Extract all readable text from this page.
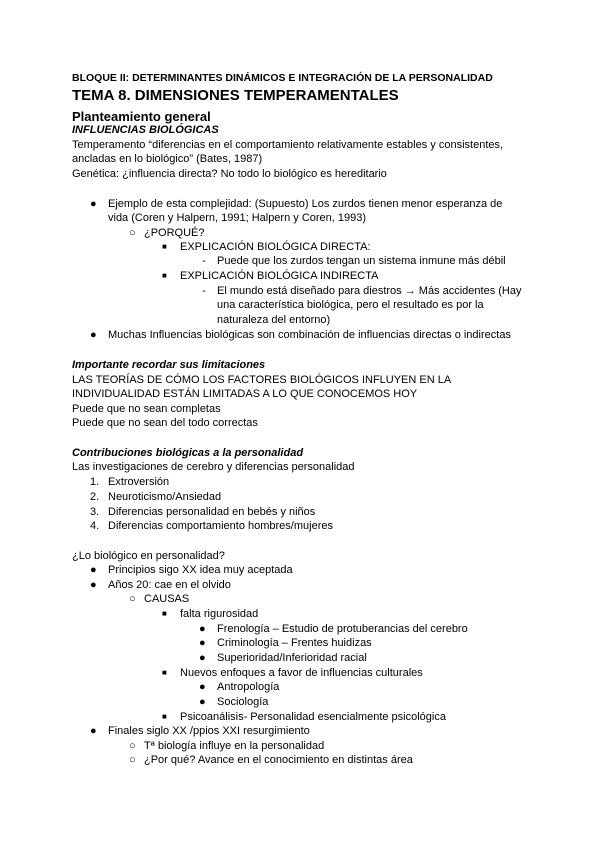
BLOQUE II: DETERMINANTES DINÁMICOS E INTEGRACIÓN DE LA PERSONALIDAD
TEMA 8. DIMENSIONES TEMPERAMENTALES
Planteamiento general
INFLUENCIAS BIOLÓGICAS
Temperamento “diferencias en el comportamiento relativamente estables y consistentes,
ancladas en lo biológico” (Bates, 1987)
Genética: ¿influencia directa? No todo lo biológico es hereditario
● Ejemplo de esta complejidad: (Supuesto) Los zurdos tienen menor esperanza de
vida (Coren y Halpern, 1991; Halpern y Coren, 1993)
○ ¿PORQUÉ?
■ EXPLICACIÓN BIOLÓGICA DIRECTA:
- Puede que los zurdos tengan un sistema inmune más débil
■ EXPLICACIÓN BIOLÓGICA INDIRECTA
- El mundo está diseñado para diestros → Más accidentes (Hay
una característica biológica, pero el resultado es por la
naturaleza del entorno)
● Muchas Influencias biológicas son combinación de influencias directas o indirectas
Importante recordar sus limitaciones
LAS TEORÍAS DE CÓMO LOS FACTORES BIOLÓGICOS INFLUYEN EN LA
INDIVIDUALIDAD ESTÁN LIMITADAS A LO QUE CONOCEMOS HOY
Puede que no sean completas
Puede que no sean del todo correctas
Contribuciones biológicas a la personalidad
Las investigaciones de cerebro y diferencias personalidad
1. Extroversión
2. Neuroticismo/Ansiedad
3. Diferencias personalidad en bebés y niños
4. Diferencias comportamiento hombres/mujeres
¿Lo biológico en personalidad?
● Principios sigo XX idea muy aceptada
● Años 20: cae en el olvido
○ CAUSAS
■ falta rigurosidad
● Frenología – Estudio de protuberancias del cerebro
● Criminología – Frentes huidizas
● Superioridad/Inferioridad racial
■ Nuevos enfoques a favor de influencias culturales
● Antropología
● Sociología
■ Psicoanálisis- Personalidad esencialmente psicológica
● Finales siglo XX /ppios XXI resurgimiento
○ Tª biología influye en la personalidad
○ ¿Por qué? Avance en el conocimiento en distintas área
